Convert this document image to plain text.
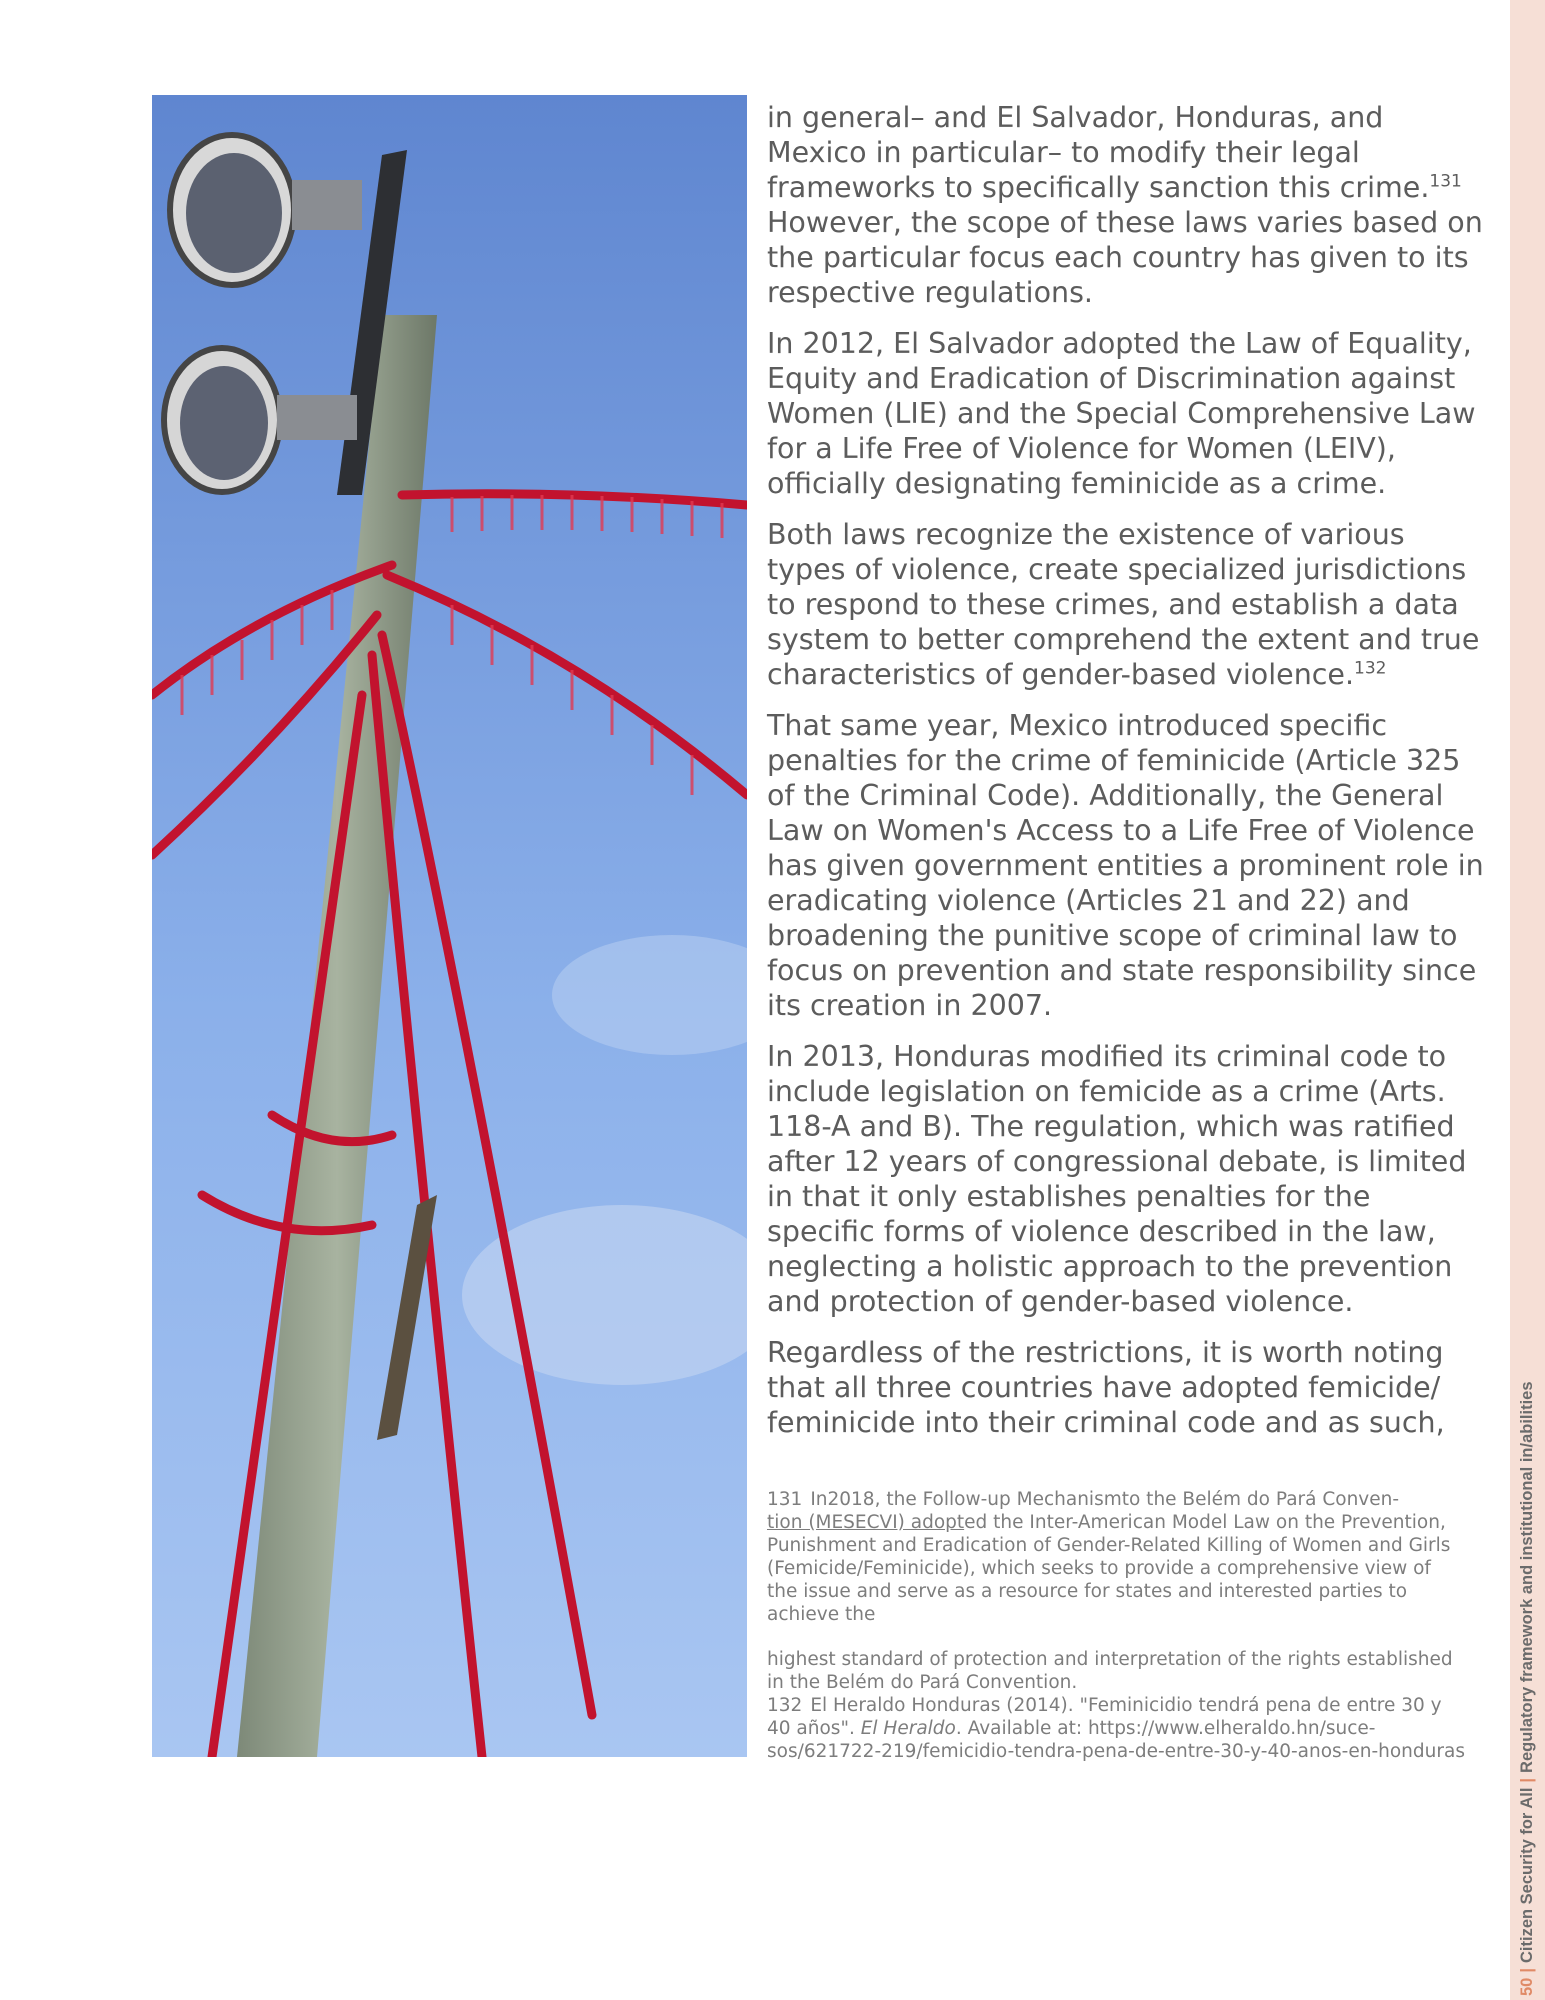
in general– and El Salvador, Honduras, and Mexico in particular– to modify their legal frameworks to specifically sanction this crime.$^{131}$ However, the scope of these laws varies based on the particular focus each country has given to its respective regulations.

In 2012, El Salvador adopted the Law of Equality, Equity and Eradication of Discrimination against Women (LIE) and the Special Comprehensive Law for a Life Free of Violence for Women (LEIV), officially designating feminicide as a crime.

Both laws recognize the existence of various types of violence, create specialized jurisdictions to respond to these crimes, and establish a data system to better comprehend the extent and true characteristics of gender-based violence.$^{132}$

That same year, Mexico introduced specific penalties for the crime of feminicide (Article 325 of the Criminal Code). Additionally, the General Law on Women's Access to a Life Free of Violence has given government entities a prominent role in eradicating violence (Articles 21 and 22) and broadening the punitive scope of criminal law to focus on prevention and state responsibility since its creation in 2007.

In 2013, Honduras modified its criminal code to include legislation on femicide as a crime (Arts. 118-A and B). The regulation, which was ratified after 12 years of congressional debate, is limited in that it only establishes penalties for the specific forms of violence described in the law, neglecting a holistic approach to the prevention and protection of gender-based violence.

Regardless of the restrictions, it is worth noting that all three countries have adopted femicide/ feminicide into their criminal code and as such,

131 In2018, the Follow-up Mechanismto the Belém do Pará Conven-
tion (MESECVI) adopted the Inter-American Model Law on the Prevention, Punishment and Eradication of Gender-Related Killing of Women and Girls (Femicide/Feminicide), which seeks to provide a comprehensive view of the issue and serve as a resource for states and interested parties to achieve the

highest standard of protection and interpretation of the rights established in the Belém do Pará Convention.

132 El Heraldo Honduras (2014). "Feminicidio tendrá pena de entre 30 y 40 años". El Heraldo. Available at: https://www.elheraldo.hn/suce-sos/621722-219/femicidio-tendra-pena-de-entre-30-y-40-anos-en-honduras

50
|
Citizen Security for All
|
Regulatory framework and institutional in/abilities
